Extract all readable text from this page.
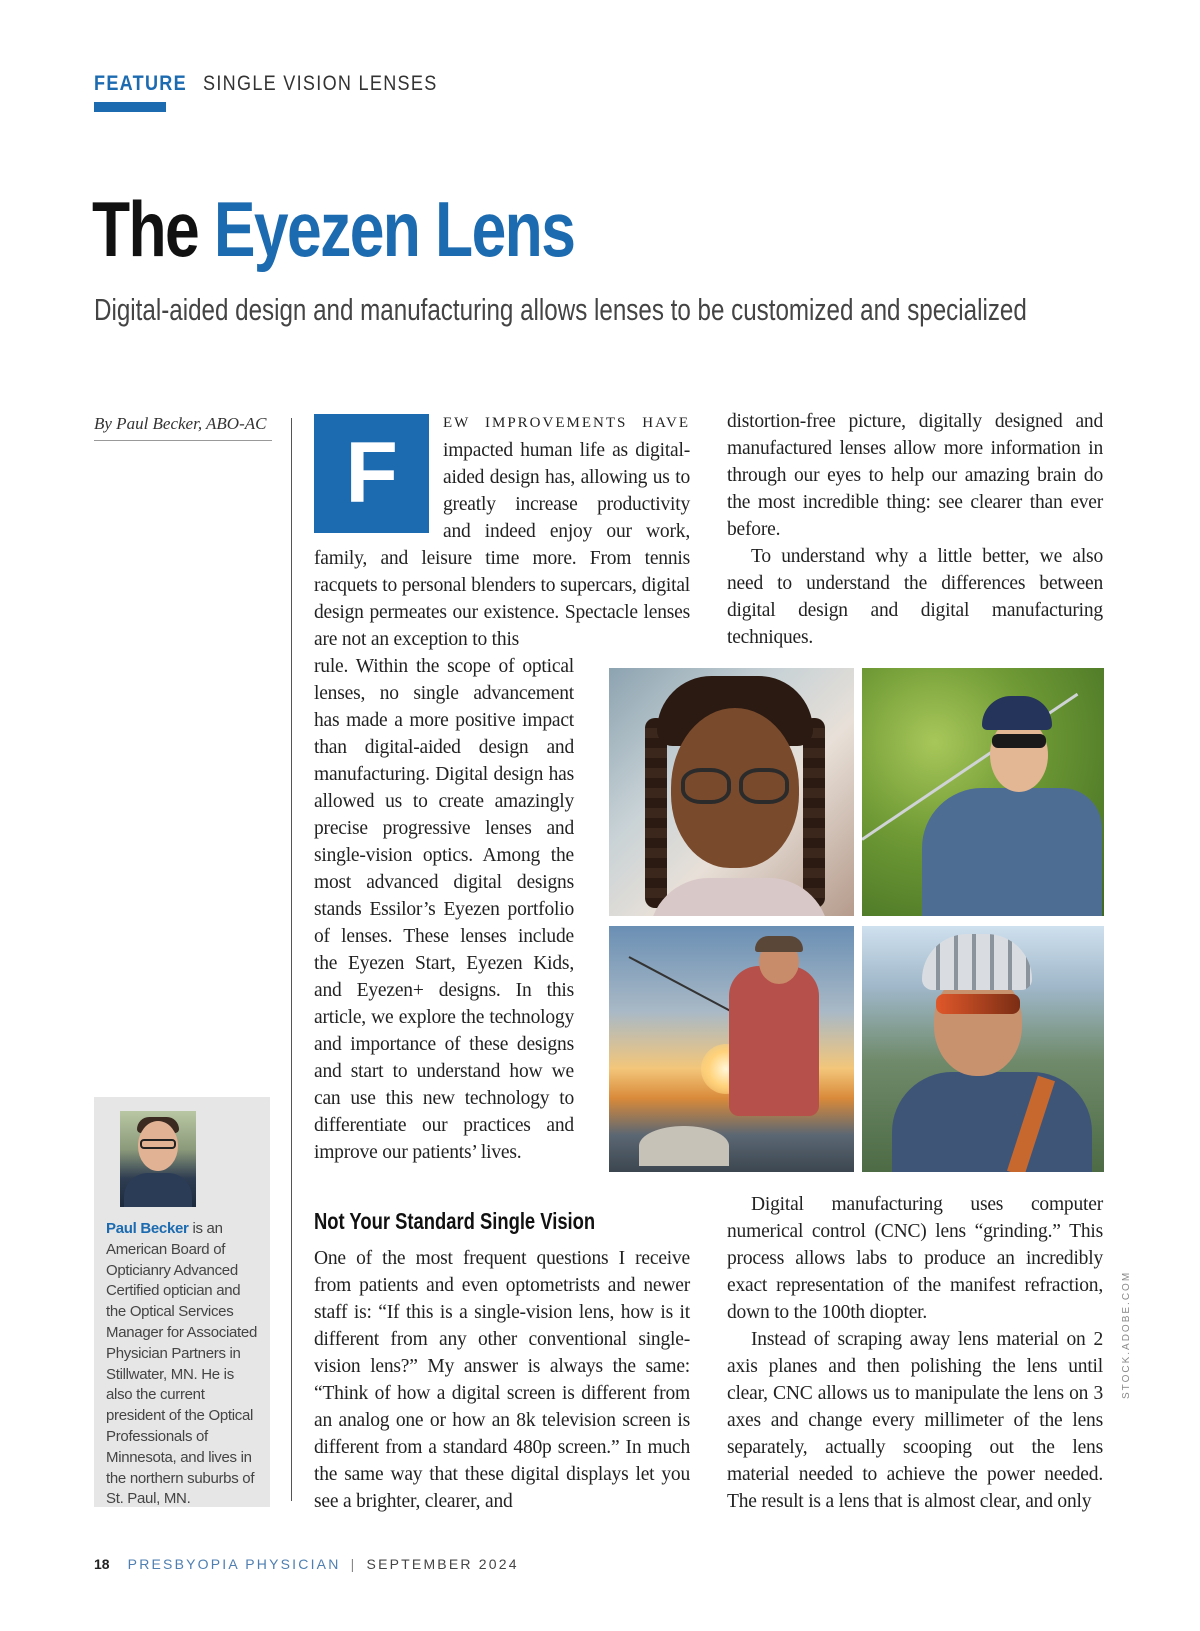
FEATURE SINGLE VISION LENSES
The Eyezen Lens
Digital-aided design and manufacturing allows lenses to be customized and specialized
By Paul Becker, ABO-AC
Paul Becker is an American Board of Opticianry Advanced Certified optician and the Optical Services Manager for Associated Physician Partners in Stillwater, MN. He is also the current president of the Optical Professionals of Minnesota, and lives in the northern suburbs of St. Paul, MN.
F

EW IMPROVEMENTS HAVE impacted human life as digital-aided design has, allowing us to greatly increase productivity and indeed enjoy our work, family, and leisure time more. From tennis racquets to personal blenders to supercars, digital design permeates our existence. Spectacle lenses are not an exception to this

rule. Within the scope of optical lenses, no single advancement has made a more positive impact than digital-aided design and manufacturing. Digital design has allowed us to create amazingly precise progressive lenses and single-vision optics. Among the most advanced digital designs stands Essilor’s Eyezen portfolio of lenses. These lenses include the Eyezen Start, Eyezen Kids, and Eyezen+ designs. In this article, we explore the technology and importance of these designs and start to understand how we can use this new technology to differentiate our practices and improve our patients’ lives.

distortion-free picture, digitally designed and manufactured lenses allow more information in through our eyes to help our amazing brain do the most incredible thing: see clearer than ever before.

To understand why a little better, we also need to understand the differences between digital design and digital manufacturing techniques.

Not Your Standard Single Vision

One of the most frequent questions I receive from patients and even optometrists and newer staff is: “If this is a single-vision lens, how is it different from any other conventional single-vision lens?” My answer is always the same: “Think of how a digital screen is different from an analog one or how an 8k television screen is different from a standard 480p screen.” In much the same way that these digital displays let you see a brighter, clearer, and

Digital manufacturing uses computer numerical control (CNC) lens “grinding.” This process allows labs to produce an incredibly exact representation of the manifest refraction, down to the 100th diopter.

Instead of scraping away lens material on 2 axis planes and then polishing the lens until clear, CNC allows us to manipulate the lens on 3 axes and change every millimeter of the lens separately, actually scooping out the lens material needed to achieve the power needed. The result is a lens that is almost clear, and only

STOCK.ADOBE.COM
18 PRESBYOPIA PHYSICIAN | SEPTEMBER 2024
